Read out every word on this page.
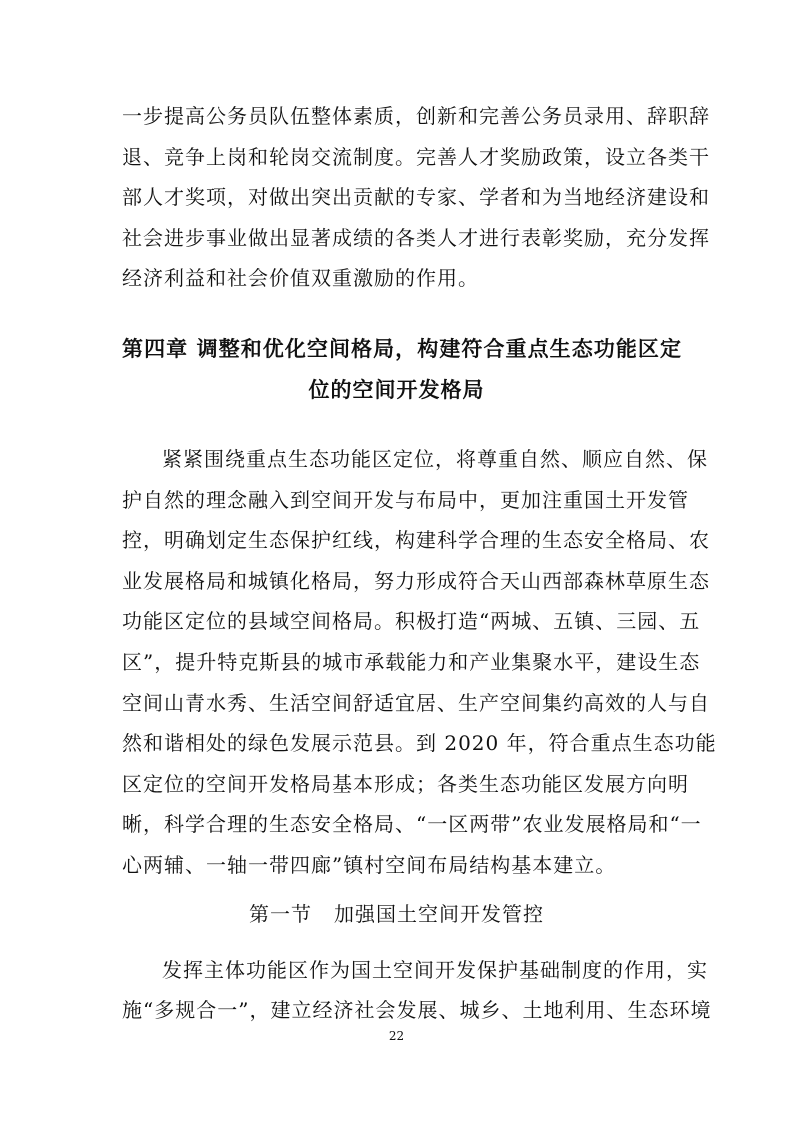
一步提高公务员队伍整体素质，创新和完善公务员录用、辞职辞
退、竞争上岗和轮岗交流制度。完善人才奖励政策，设立各类干
部人才奖项，对做出突出贡献的专家、学者和为当地经济建设和
社会进步事业做出显著成绩的各类人才进行表彰奖励，充分发挥
经济利益和社会价值双重激励的作用。
第四章 调整和优化空间格局，构建符合重点生态功能区定
位的空间开发格局
紧紧围绕重点生态功能区定位，将尊重自然、顺应自然、保
护自然的理念融入到空间开发与布局中，更加注重国土开发管
控，明确划定生态保护红线，构建科学合理的生态安全格局、农
业发展格局和城镇化格局，努力形成符合天山西部森林草原生态
功能区定位的县域空间格局。积极打造“两城、五镇、三园、五
区”，提升特克斯县的城市承载能力和产业集聚水平，建设生态
空间山青水秀、生活空间舒适宜居、生产空间集约高效的人与自
然和谐相处的绿色发展示范县。到 2020 年，符合重点生态功能
区定位的空间开发格局基本形成；各类生态功能区发展方向明
晰，科学合理的生态安全格局、“一区两带”农业发展格局和“一
心两辅、一轴一带四廊”镇村空间布局结构基本建立。
第一节   加强国土空间开发管控
发挥主体功能区作为国土空间开发保护基础制度的作用，实
施“多规合一”，建立经济社会发展、城乡、土地利用、生态环境
22
